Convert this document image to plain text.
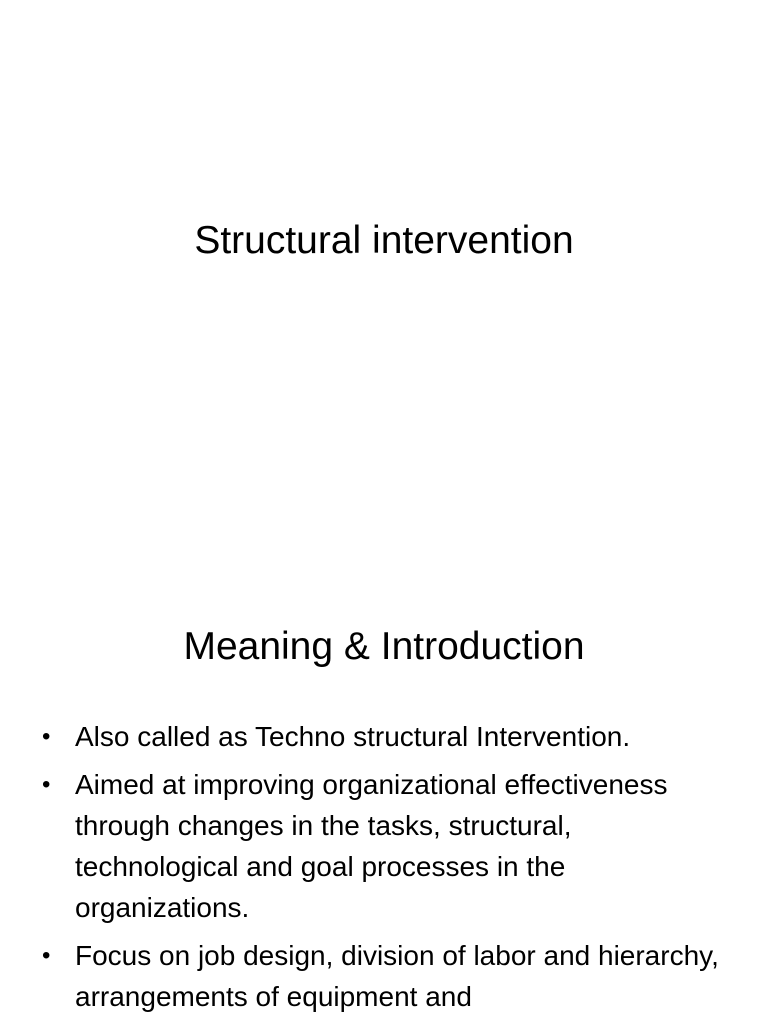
Structural intervention
Meaning & Introduction
• Also called as Techno structural Intervention.
• Aimed at improving organizational effectiveness through changes in the tasks, structural, technological and goal processes in the organizations.
• Focus on job design, division of labor and hierarchy, arrangements of equipment and
